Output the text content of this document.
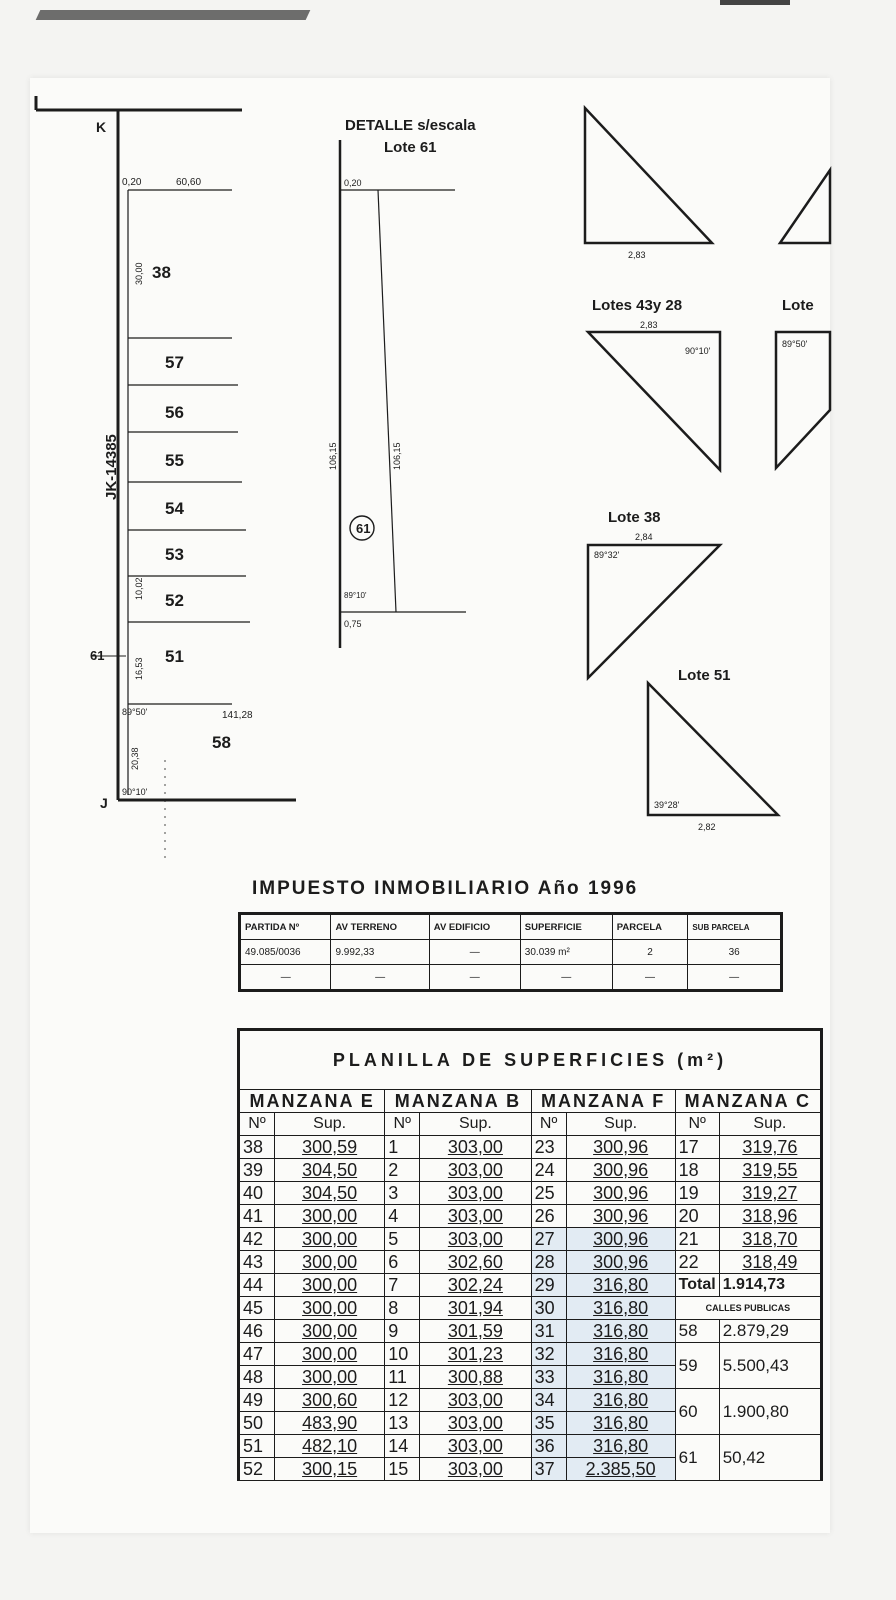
K
J
JK-14385
61
0,20	60,60
141,28
30,00
10,02
16,53
20,38
89°50'
90°10'
38
57
56
55
54
53
52
51
58
DETALLE s/escala
Lote 61
61
0,20
0,75
106,15	106,15
89°10'
Lotes 43y 28	Lote
Lote 38
Lote 51
2,83
2,83
2,84
2,82
89°32'
39°28'
90°10'
89°50'
IMPUESTO INMOBILIARIO Año 1996
PARTIDA Nº	AV TERRENO	AV EDIFICIO	SUPERFICIE	PARCELA	SUB PARCELA
49.085/0036	9.992,33	—	30.039 m²	2	36
—	—	—	—	—	—
PLANILLA DE SUPERFICIES (m²)							
MANZANA E		MANZANA B		MANZANA F		MANZANA C	
Nº	Sup.	Nº	Sup.	Nº	Sup.	Nº	Sup.
38	300,59	1	303,00	23	300,96	17	319,76
39	304,50	2	303,00	24	300,96	18	319,55
40	304,50	3	303,00	25	300,96	19	319,27
41	300,00	4	303,00	26	300,96	20	318,96
42	300,00	5	303,00	27	300,96	21	318,70
43	300,00	6	302,60	28	300,96	22	318,49
44	300,00	7	302,24	29	316,80	Total	1.914,73
45	300,00	8	301,94	30	316,80	CALLES PUBLICAS	
46	300,00	9	301,59	31	316,80	58	2.879,29
47	300,00	10	301,23	32	316,80	59	5.500,43
48	300,00	11	300,88	33	316,80		
49	300,60	12	303,00	34	316,80	60	1.900,80
50	483,90	13	303,00	35	316,80		
51	482,10	14	303,00	36	316,80	61	50,42
52	300,15	15	303,00	37	2.385,50		
